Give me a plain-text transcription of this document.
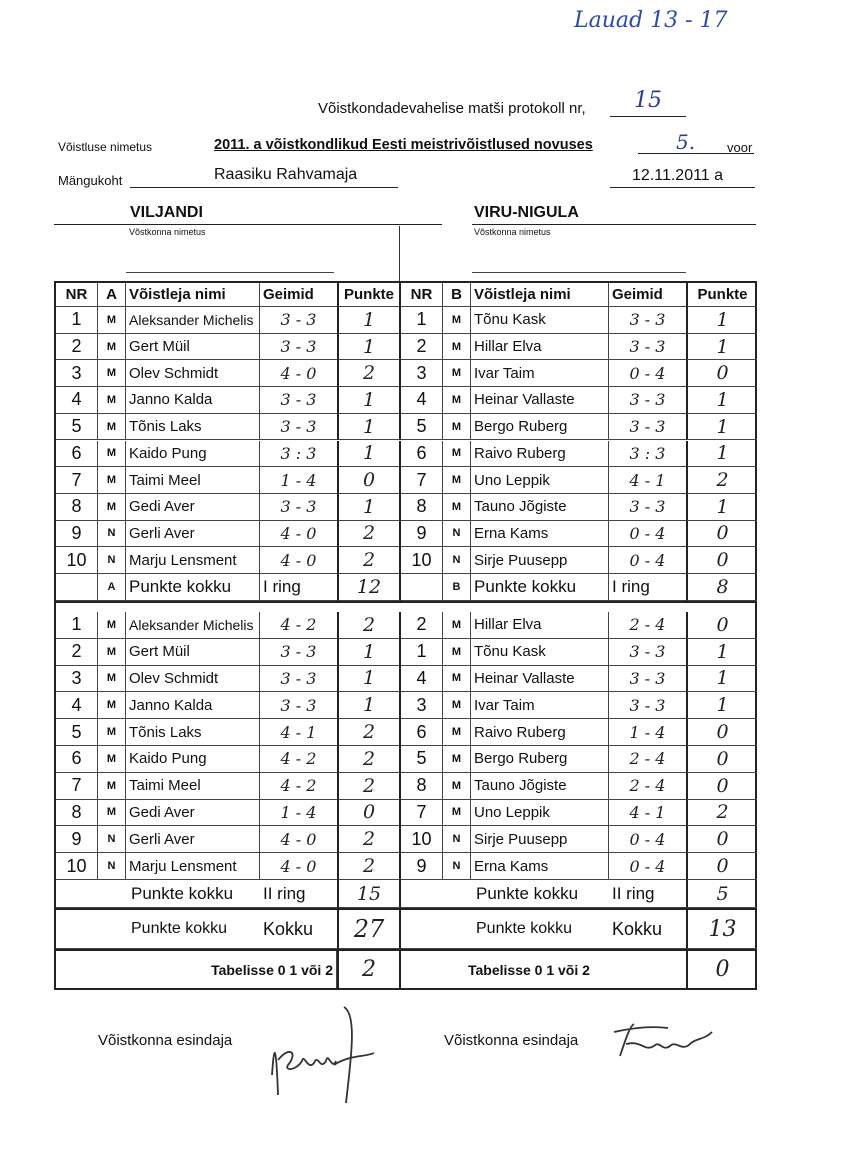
Lauad 13 - 17
Võistkondadevahelise matši protokoll nr,	15
Võistluse nimetus	2011. a võistkondlikud Eesti meistrivõistlused novuses	5. voor
Mängukoht	Raasiku Rahvamaja	12.11.2011 a
VILJANDI
Võstkonna nimetus
VIRU-NIGULA
Võstkonna nimetus
NR	A Võistleja nimi	Geimid	Punkte	NR	B Võistleja nimi	Geimid	Punkte
1	M Aleksander Michelis	3 - 3	1	1	M Tõnu Kask	3 - 3	1
2	M Gert Müil	3 - 3	1	2	M Hillar Elva	3 - 3	1
3	M Olev Schmidt	4 - 0	2	3	M Ivar Taim	0 - 4	0
4	M Janno Kalda	3 - 3	1	4	M Heinar Vallaste	3 - 3	1
5	M Tõnis Laks	3 - 3	1	5	M Bergo Ruberg	3 - 3	1
6	M Kaido Pung	3 : 3	1	6	M Raivo Ruberg	3 : 3	1
7	M Taimi Meel	1 - 4	0	7	M Uno Leppik	4 - 1	2
8	M Gedi Aver	3 - 3	1	8	M Tauno Jõgiste	3 - 3	1
9	N Gerli Aver	4 - 0	2	9	N Erna Kams	0 - 4	0
10	N Marju Lensment	4 - 0	2	10	N Sirje Puusepp	0 - 4	0
A Punkte kokku	I ring	12	B Punkte kokku	I ring	8
1	M Aleksander Michelis	4 - 2	2	2	M Hillar Elva	2 - 4	0
2	M Gert Müil	3 - 3	1	1	M Tõnu Kask	3 - 3	1
3	M Olev Schmidt	3 - 3	1	4	M Heinar Vallaste	3 - 3	1
4	M Janno Kalda	3 - 3	1	3	M Ivar Taim	3 - 3	1
5	M Tõnis Laks	4 - 1	2	6	M Raivo Ruberg	1 - 4	0
6	M Kaido Pung	4 - 2	2	5	M Bergo Ruberg	2 - 4	0
7	M Taimi Meel	4 - 2	2	8	M Tauno Jõgiste	2 - 4	0
8	M Gedi Aver	1 - 4	0	7	M Uno Leppik	4 - 1	2
9	N Gerli Aver	4 - 0	2	10	N Sirje Puusepp	0 - 4	0
10	N Marju Lensment	4 - 0	2	9	N Erna Kams	0 - 4	0
Punkte kokku	II ring	15	Punkte kokku	II ring	5
Punkte kokku	Kokku	27	Punkte kokku	Kokku	13
Tabelisse 0 1 või 2	2	Tabelisse 0 1 või 2	0
Võistkonna esindaja	Võistkonna esindaja
